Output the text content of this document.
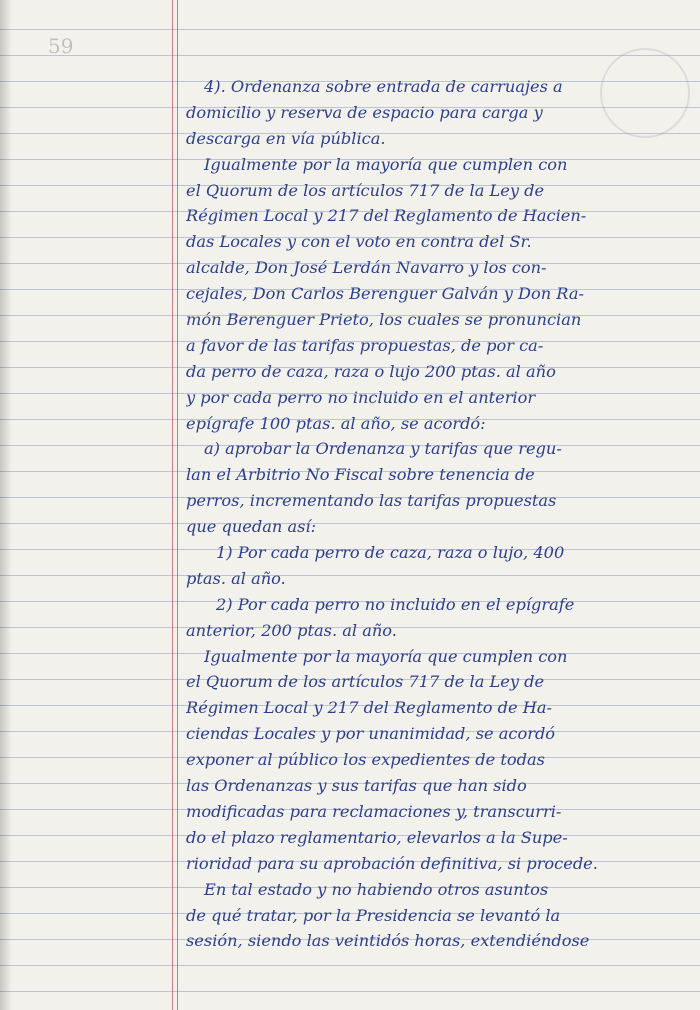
59
4). Ordenanza sobre entrada de carruajes a
domicilio y reserva de espacio para carga y
descarga en vía pública.
Igualmente por la mayoría que cumplen con
el Quorum de los artículos 717 de la Ley de
Régimen Local y 217 del Reglamento de Hacien-
das Locales y con el voto en contra del Sr.
alcalde, Don José Lerdán Navarro y los con-
cejales, Don Carlos Berenguer Galván y Don Ra-
món Berenguer Prieto, los cuales se pronuncian
a favor de las tarifas propuestas, de por ca-
da perro de caza, raza o lujo 200 ptas. al año
y por cada perro no incluido en el anterior
epígrafe 100 ptas. al año, se acordó:
a) aprobar la Ordenanza y tarifas que regu-
lan el Arbitrio No Fiscal sobre tenencia de
perros, incrementando las tarifas propuestas
que quedan así:
1) Por cada perro de caza, raza o lujo, 400
ptas. al año.
2) Por cada perro no incluido en el epígrafe
anterior, 200 ptas. al año.
Igualmente por la mayoría que cumplen con
el Quorum de los artículos 717 de la Ley de
Régimen Local y 217 del Reglamento de Ha-
ciendas Locales y por unanimidad, se acordó
exponer al público los expedientes de todas
las Ordenanzas y sus tarifas que han sido
modificadas para reclamaciones y, transcurri-
do el plazo reglamentario, elevarlos a la Supe-
rioridad para su aprobación definitiva, si procede.
En tal estado y no habiendo otros asuntos
de qué tratar, por la Presidencia se levantó la
sesión, siendo las veintidós horas, extendiéndose
